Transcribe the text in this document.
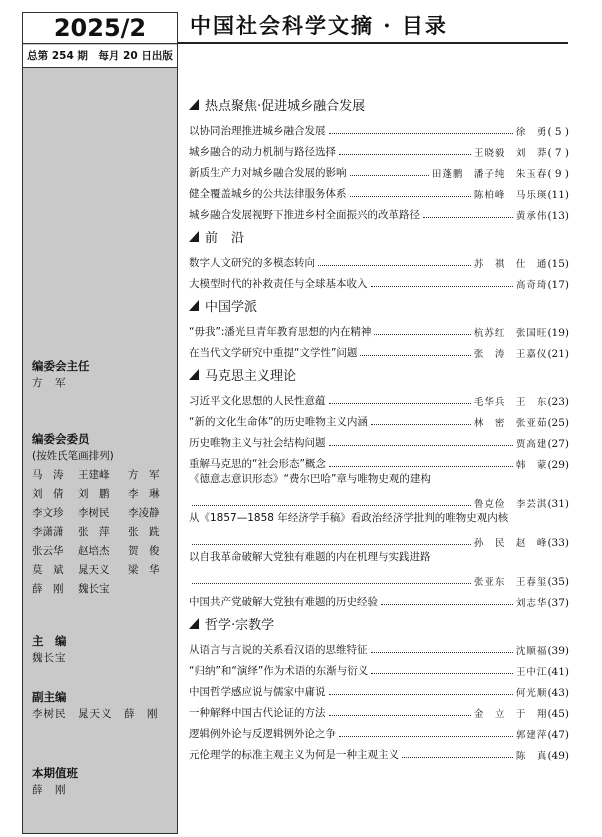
2025/2
总第 254 期　每月 20 日出版
编委会主任
方　军
编委会委员
(按姓氏笔画排列)
马　涛	王建峰	方　军
刘　倩	刘　鹏	李　琳
李文珍	李树民	李凌静
李潇潇	张　萍	张　跣
张云华	赵培杰	贺　俊
莫　斌	晁天义	梁　华
薛　刚	魏长宝
主　编
魏长宝
副主编
李树民　晁天义　薛　刚
本期值班
薛　刚
中国社会科学文摘 · 目录
热点聚焦·促进城乡融合发展
以协同治理推进城乡融合发展	徐　勇 ( 5 )
城乡融合的动力机制与路径选择	王晓毅　刘　莽 ( 7 )
新质生产力对城乡融合发展的影响	田蓬鹏　潘子纯　朱玉春 ( 9 )
健全覆盖城乡的公共法律服务体系	陈柏峰　马乐瑛 (11)
城乡融合发展视野下推进乡村全面振兴的改革路径	黄承伟 (13)
前　沿
数字人文研究的多模态转向	苏　祺　仕　通 (15)
大模型时代的补救责任与全球基本收入	高奇琦 (17)
中国学派
“毋我”:潘光旦青年教育思想的内在精神	杭苏红　张国旺 (19)
在当代文学研究中重提“文学性”问题	张　涛　王嘉仪 (21)
马克思主义理论
习近平文化思想的人民性意蕴	毛华兵　王　东 (23)
“新的文化生命体”的历史唯物主义内涵	林　密　张亚茹 (25)
历史唯物主义与社会结构问题	贾高建 (27)
重解马克思的“社会形态”概念	韩　蒙 (29)
《德意志意识形态》“费尔巴哈”章与唯物史观的建构
鲁克俭　李芸淇 (31)
从《1857—1858 年经济学手稿》看政治经济学批判的唯物史观内核
孙　民　赵　峰 (33)
以自我革命破解大党独有难题的内在机理与实践进路
张亚东　王春玺 (35)
中国共产党破解大党独有难题的历史经验	刘志华 (37)
哲学·宗教学
从语言与言说的关系看汉语的思维特征	沈顺福 (39)
“归纳”和“演绎”作为术语的东渐与衍义	王中江 (41)
中国哲学感应说与儒家中庸说	何光顺 (43)
一种解释中国古代论证的方法	金　立　于　翔 (45)
逻辑例外论与反逻辑例外论之争	郭建萍 (47)
元伦理学的标准主观主义为何是一种主观主义	陈　真 (49)
